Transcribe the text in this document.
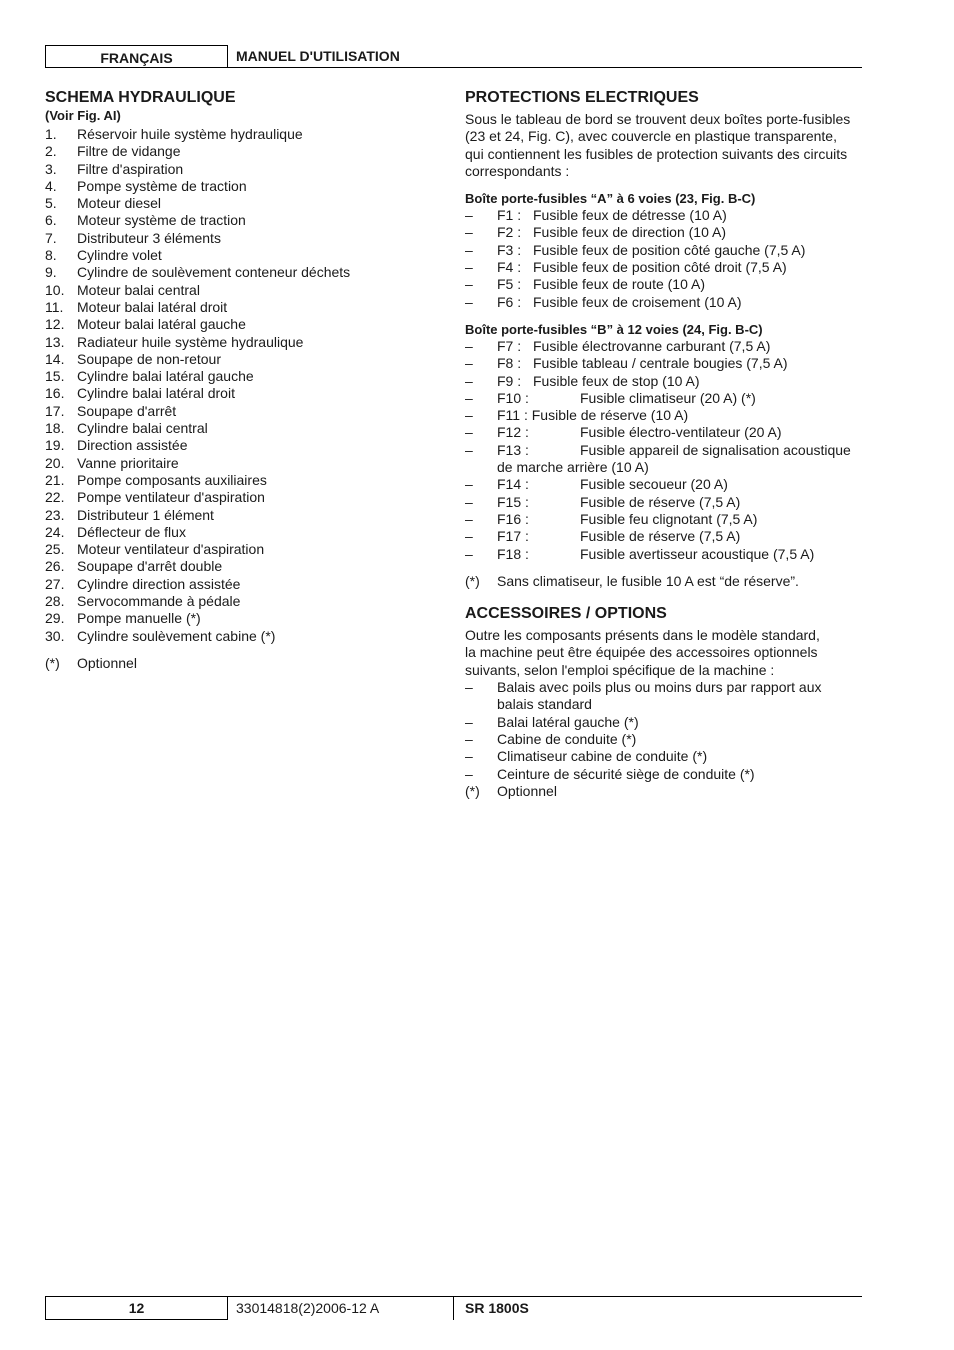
FRANÇAIS	MANUEL D'UTILISATION
SCHEMA HYDRAULIQUE
(Voir Fig. AI)
1. Réservoir huile système hydraulique
2. Filtre de vidange
3. Filtre d'aspiration
4. Pompe système de traction
5. Moteur diesel
6. Moteur système de traction
7. Distributeur 3 éléments
8. Cylindre volet
9. Cylindre de soulèvement conteneur déchets
10. Moteur balai central
11. Moteur balai latéral droit
12. Moteur balai latéral gauche
13. Radiateur huile système hydraulique
14. Soupape de non-retour
15. Cylindre balai latéral gauche
16. Cylindre balai latéral droit
17. Soupape d'arrêt
18. Cylindre balai central
19. Direction assistée
20. Vanne prioritaire
21. Pompe composants auxiliaires
22. Pompe ventilateur d'aspiration
23. Distributeur 1 élément
24. Déflecteur de flux
25. Moteur ventilateur d'aspiration
26. Soupape d'arrêt double
27. Cylindre direction assistée
28. Servocommande à pédale
29. Pompe manuelle (*)
30. Cylindre soulèvement cabine (*)
(*) Optionnel
PROTECTIONS ELECTRIQUES

Sous le tableau de bord se trouvent deux boîtes porte-fusibles

(23 et 24, Fig. C), avec couvercle en plastique transparente,

qui contiennent les fusibles de protection suivants des circuits

correspondants :

Boîte porte-fusibles “A” à 6 voies (23, Fig. B-C)
– F1 : Fusible feux de détresse (10 A)
– F2 : Fusible feux de direction (10 A)
– F3 : Fusible feux de position côté gauche (7,5 A)
– F4 : Fusible feux de position côté droit (7,5 A)
– F5 : Fusible feux de route (10 A)
– F6 : Fusible feux de croisement (10 A)
Boîte porte-fusibles “B” à 12 voies (24, Fig. B-C)
– F7 : Fusible électrovanne carburant (7,5 A)
– F8 : Fusible tableau / centrale bougies (7,5 A)
– F9 : Fusible feux de stop (10 A)
– F10 :	Fusible climatiseur (20 A) (*)
– F11 : Fusible de réserve (10 A)
– F12 :	Fusible électro-ventilateur (20 A)
– F13 :	Fusible appareil de signalisation acoustique
de marche arrière (10 A)
– F14 :	Fusible secoueur (20 A)
– F15 :	Fusible de réserve (7,5 A)
– F16 :	Fusible feu clignotant (7,5 A)
– F17 :	Fusible de réserve (7,5 A)
– F18 :	Fusible avertisseur acoustique (7,5 A)
(*) Sans climatiseur, le fusible 10 A est “de réserve”.
ACCESSOIRES / OPTIONS

Outre les composants présents dans le modèle standard,

la machine peut être équipée des accessoires optionnels

suivants, selon l'emploi spécifique de la machine :

– Balais avec poils plus ou moins durs par rapport aux
balais standard
– Balai latéral gauche (*)
– Cabine de conduite (*)
– Climatiseur cabine de conduite (*)
– Ceinture de sécurité siège de conduite (*)
(*) Optionnel
12	33014818(2)2006-12 A	SR 1800S
